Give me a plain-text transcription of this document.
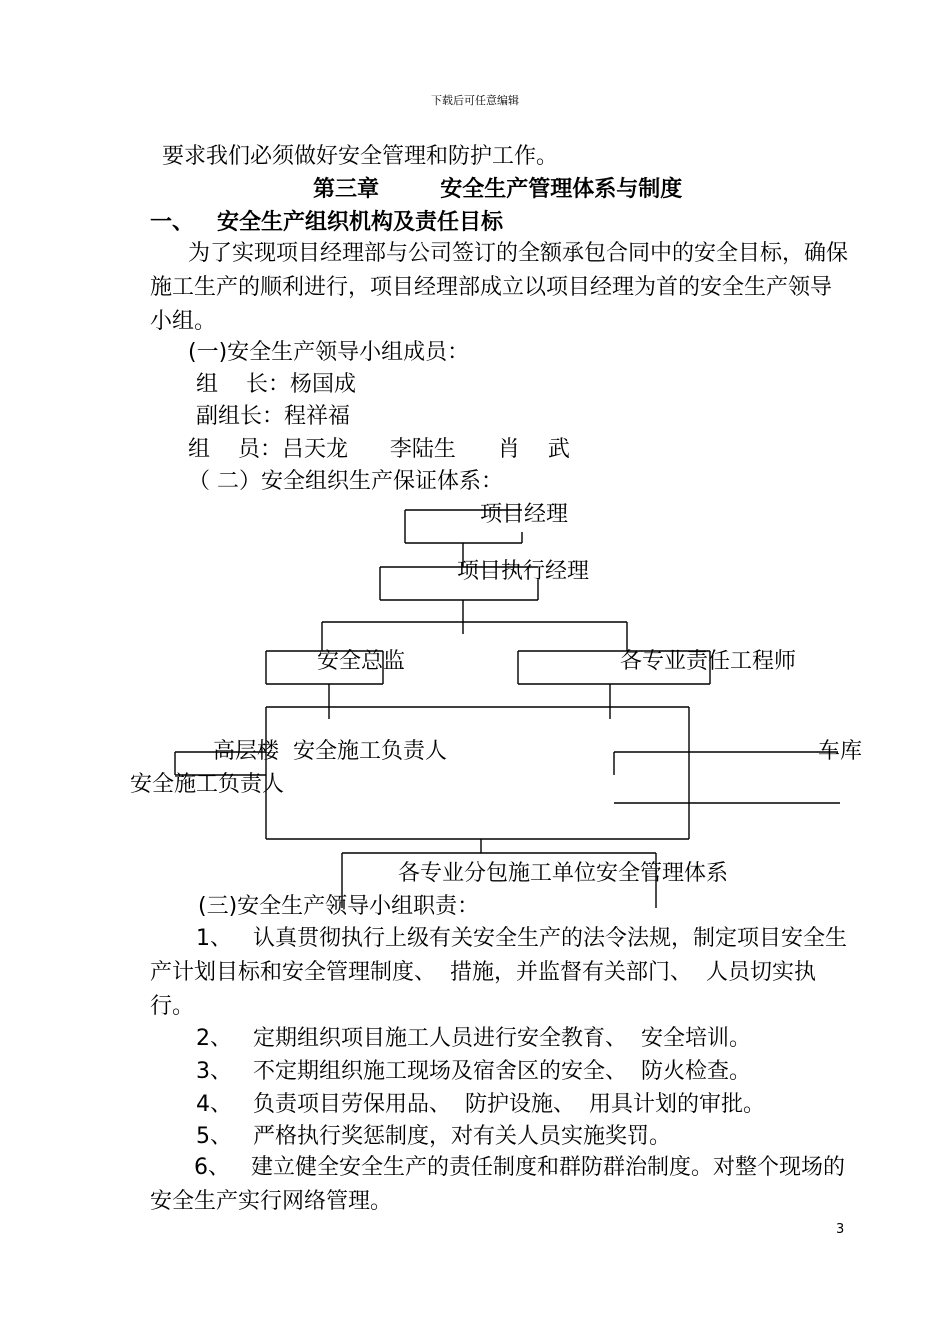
下载后可任意编辑
要求我们必须做好安全管理和防护工作。
第三章        安全生产管理体系与制度
一、   安全生产组织机构及责任目标
为了实现项目经理部与公司签订的全额承包合同中的安全目标，确保施工生产的顺利进行，项目经理部成立以项目经理为首的安全生产领导小组。
(一)安全生产领导小组成员：
组    长：杨国成
副组长：程祥福
组    员：吕天龙      李陆生      肖    武
（ 二）安全组织生产保证体系：
项目经理
项目执行经理
安全总监	各专业责任工程师
高层楼  安全施工负责人
安全施工负责人
车库
各专业分包施工单位安全管理体系
(三)安全生产领导小组职责：
1、   认真贯彻执行上级有关安全生产的法令法规，制定项目安全生产计划目标和安全管理制度、  措施，并监督有关部门、  人员切实执行。
2、   定期组织项目施工人员进行安全教育、  安全培训。
3、   不定期组织施工现场及宿舍区的安全、  防火检查。
4、   负责项目劳保用品、  防护设施、  用具计划的审批。
5、   严格执行奖惩制度，对有关人员实施奖罚。
6、   建立健全安全生产的责任制度和群防群治制度。对整个现场的安全生产实行网络管理。
3
